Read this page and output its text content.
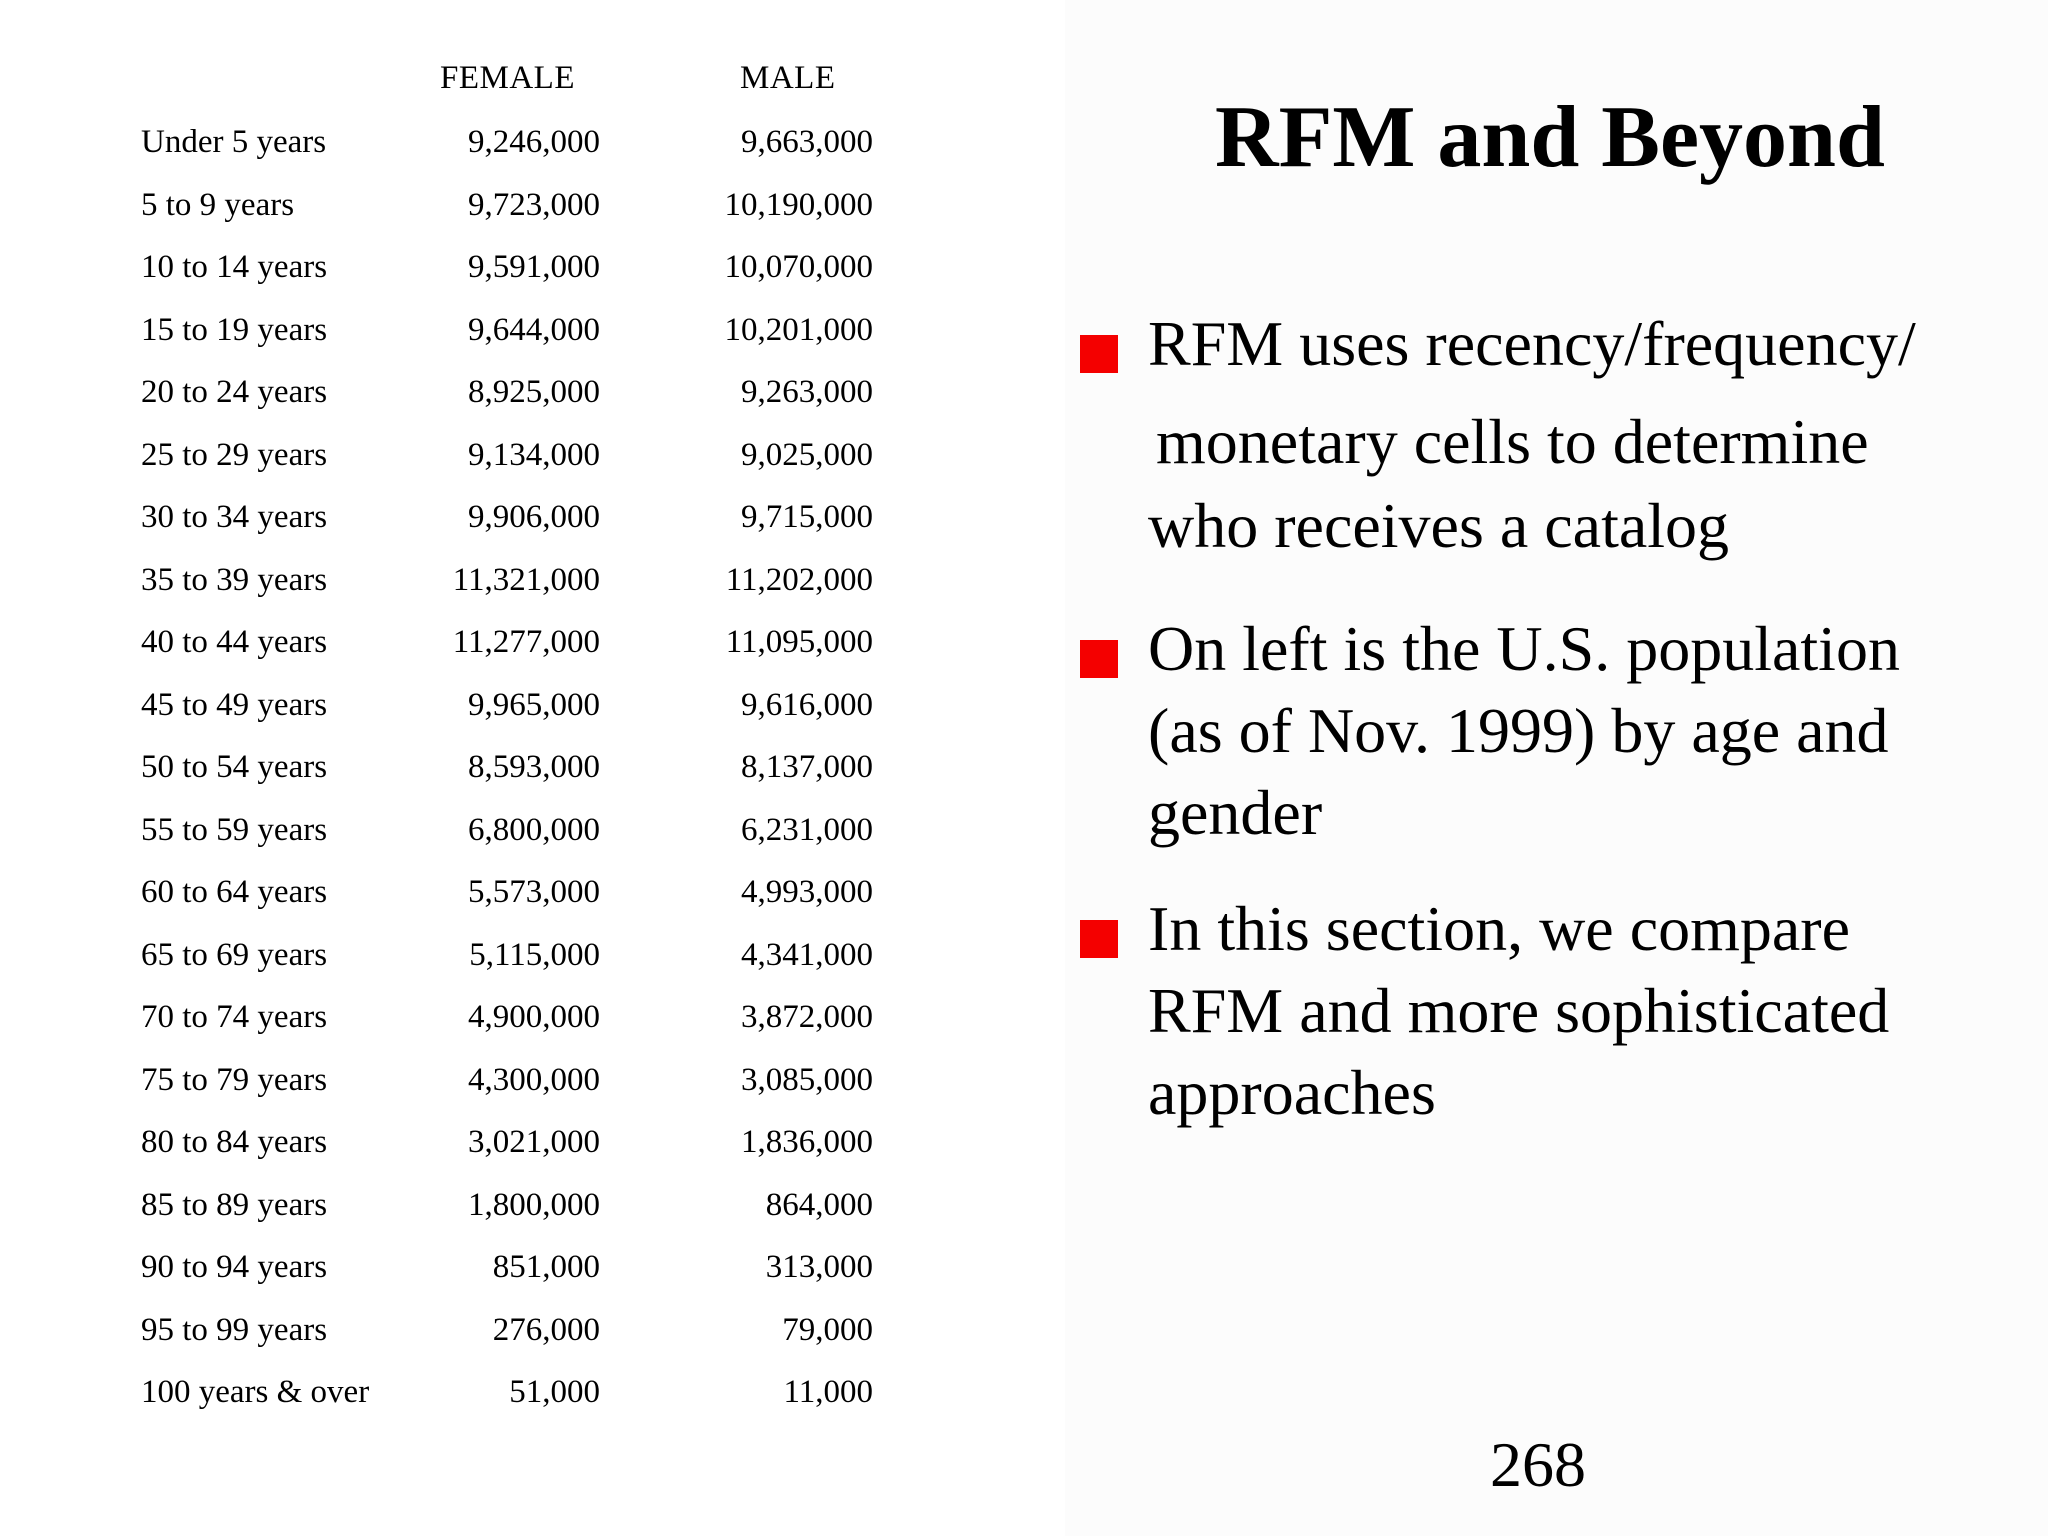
FEMALE	MALE
Under 5 years	9,246,000	9,663,000
5 to 9 years	9,723,000	10,190,000
10 to 14 years	9,591,000	10,070,000
15 to 19 years	9,644,000	10,201,000
20 to 24 years	8,925,000	9,263,000
25 to 29 years	9,134,000	9,025,000
30 to 34 years	9,906,000	9,715,000
35 to 39 years	11,321,000	11,202,000
40 to 44 years	11,277,000	11,095,000
45 to 49 years	9,965,000	9,616,000
50 to 54 years	8,593,000	8,137,000
55 to 59 years	6,800,000	6,231,000
60 to 64 years	5,573,000	4,993,000
65 to 69 years	5,115,000	4,341,000
70 to 74 years	4,900,000	3,872,000
75 to 79 years	4,300,000	3,085,000
80 to 84 years	3,021,000	1,836,000
85 to 89 years	1,800,000	864,000
90 to 94 years	851,000	313,000
95 to 99 years	276,000	79,000
100 years & over	51,000	11,000
RFM and Beyond
RFM uses recency/frequency/
monetary cells to determine
who receives a catalog
On left is the U.S. population
(as of Nov. 1999) by age and
gender
In this section, we compare
RFM and more sophisticated
approaches
268
